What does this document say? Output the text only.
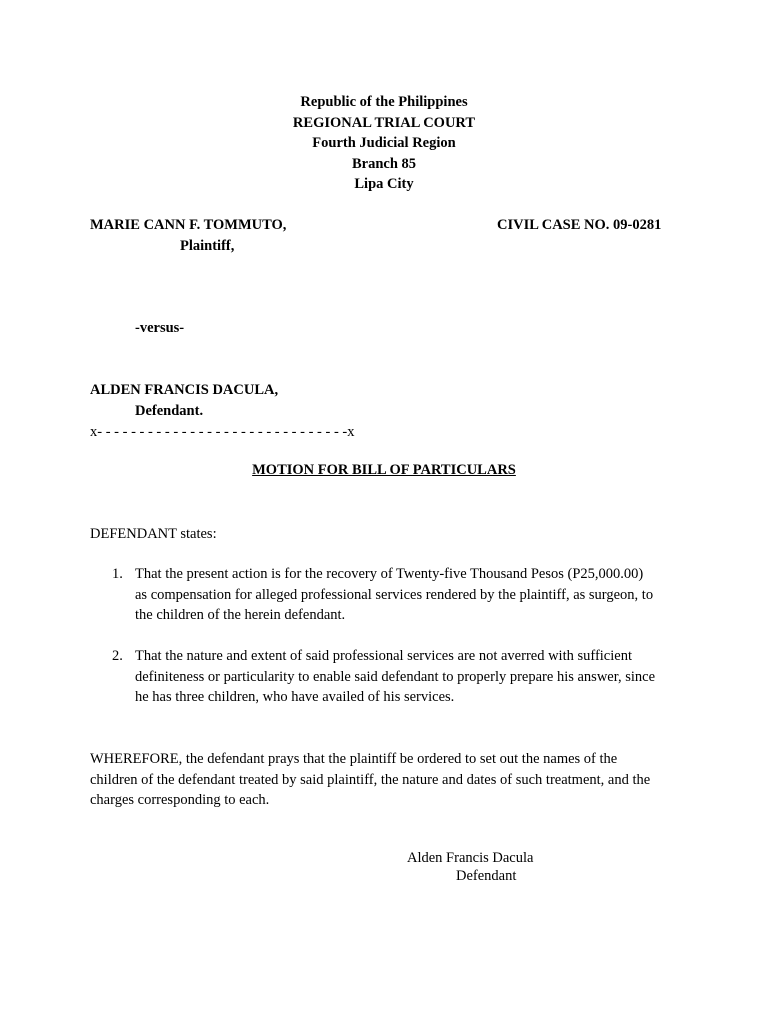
Republic of the Philippines
REGIONAL TRIAL COURT
Fourth Judicial Region
Branch 85
Lipa City
MARIE CANN F. TOMMUTO,
Plaintiff,
CIVIL CASE NO. 09-0281
-versus-
ALDEN FRANCIS DACULA,
Defendant.
x- - - - - - - - - - - - - - - - - - - - - - - - - - - - - -x
MOTION FOR BILL OF PARTICULARS
DEFENDANT states:
1. That the present action is for the recovery of Twenty-five Thousand Pesos (P25,000.00)
as compensation for alleged professional services rendered by the plaintiff, as surgeon, to
the children of the herein defendant.
2. That the nature and extent of said professional services are not averred with sufficient
definiteness or particularity to enable said defendant to properly prepare his answer, since
he has three children, who have availed of his services.
WHEREFORE, the defendant prays that the plaintiff be ordered to set out the names of the
children of the defendant treated by said plaintiff, the nature and dates of such treatment, and the
charges corresponding to each.
Alden Francis Dacula
Defendant
